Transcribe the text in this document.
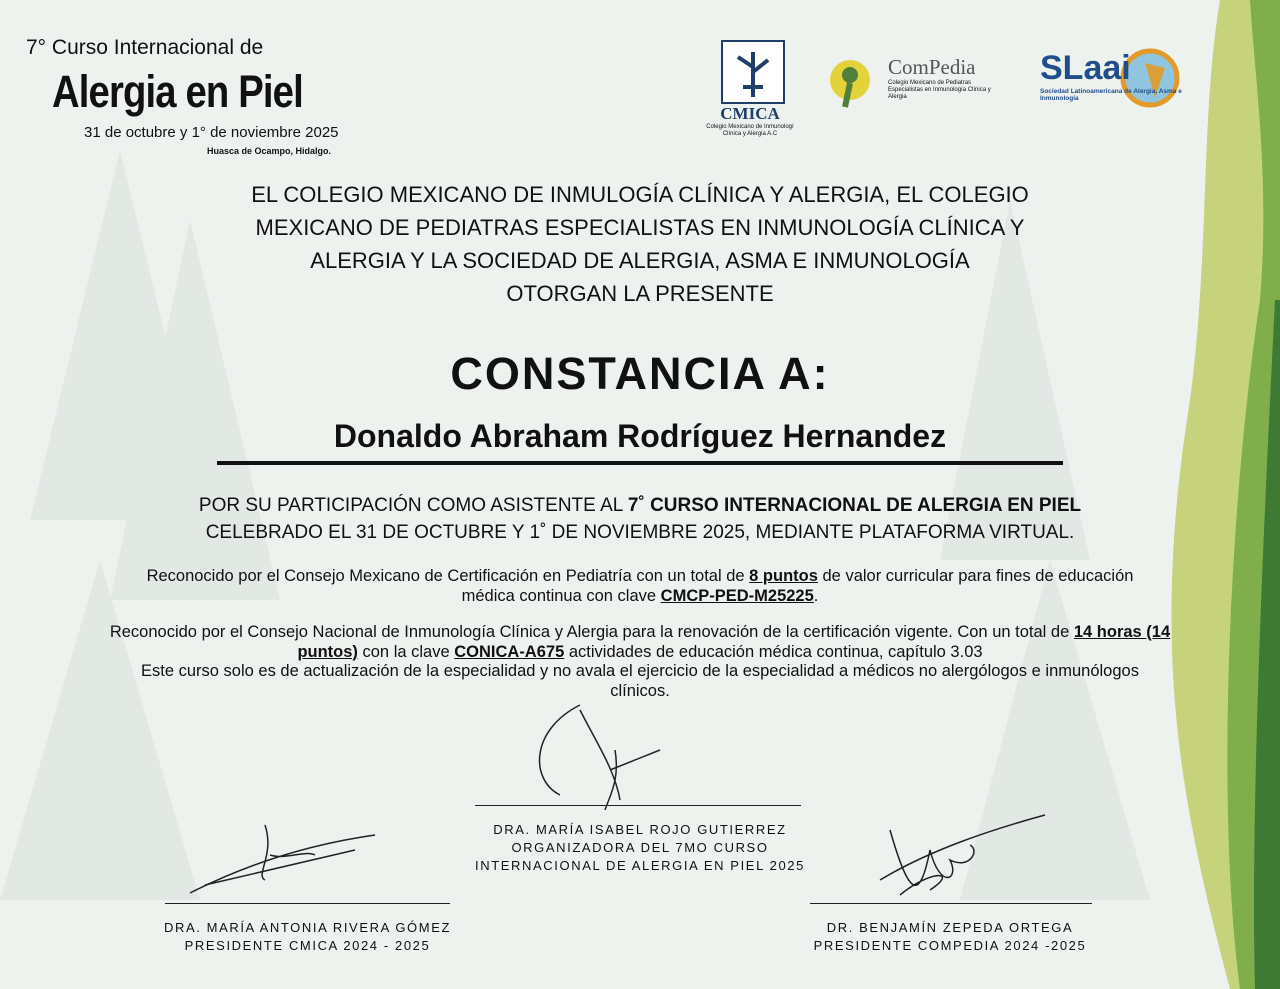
7° Curso Internacional de
Alergia en Piel
31 de octubre y 1° de noviembre 2025
Huasca de Ocampo, Hidalgo.
CMICA
Colegio Mexicano de Inmunologí Clínica y Alergia A.C
ComPedia
Colegio Mexicano de Pediatras Especialistas en Inmunología Clínica y Alergia
SLaai
Sociedad Latinoamericana de Alergia, Asma e Inmunología
EL COLEGIO MEXICANO DE INMULOGÍA CLÍNICA Y ALERGIA, EL COLEGIO
MEXICANO DE PEDIATRAS ESPECIALISTAS EN INMUNOLOGÍA CLÍNICA Y
ALERGIA Y LA SOCIEDAD DE ALERGIA, ASMA E INMUNOLOGÍA
OTORGAN LA PRESENTE
CONSTANCIA A:
Donaldo Abraham Rodríguez Hernandez
POR SU PARTICIPACIÓN COMO ASISTENTE AL 7˚ CURSO INTERNACIONAL DE ALERGIA EN PIEL
CELEBRADO EL 31 DE OCTUBRE Y 1˚ DE NOVIEMBRE 2025, MEDIANTE PLATAFORMA VIRTUAL.
Reconocido por el Consejo Mexicano de Certificación en Pediatría con un total de 8 puntos de valor curricular para fines de educación médica continua con clave CMCP-PED-M25225.
Reconocido por el Consejo Nacional de Inmunología Clínica y Alergia para la renovación de la certificación vigente. Con un total de 14 horas (14 puntos) con la clave CONICA-A675 actividades de educación médica continua, capítulo 3.03
Este curso solo es de actualización de la especialidad y no avala el ejercicio de la especialidad a médicos no alergólogos e inmunólogos clínicos.
DRA. MARÍA ISABEL ROJO GUTIERREZ
ORGANIZADORA DEL 7MO CURSO
INTERNACIONAL DE ALERGIA EN PIEL 2025
DRA. MARÍA ANTONIA RIVERA GÓMEZ
PRESIDENTE CMICA 2024 - 2025
DR. BENJAMÍN ZEPEDA ORTEGA
PRESIDENTE COMPEDIA 2024 -2025
